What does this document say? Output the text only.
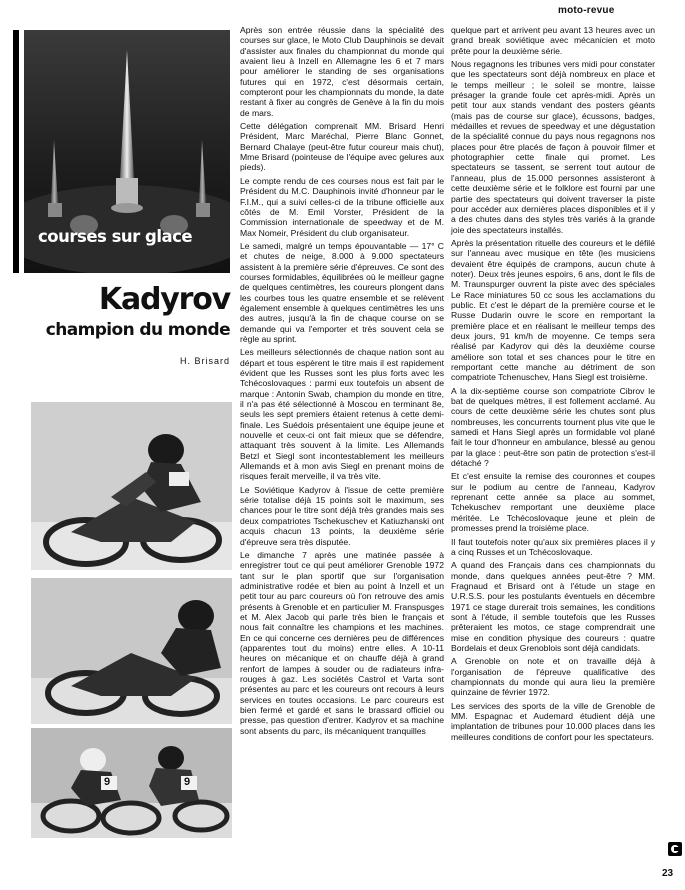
moto-revue
courses sur glace
Kadyrov
champion du monde
H. Brisard
9	9

Après son entrée réussie dans la spécialité des courses sur glace, le Moto Club Dauphinois se devait d'assister aux finales du championnat du monde qui avaient lieu à Inzell en Allemagne les 6 et 7 mars pour améliorer le standing de ses organisations futures qui en 1972, c'est désormais certain, compteront pour les championnats du monde, la date restant à fixer au congrès de Genève à la fin du mois de mars.

Cette délégation comprenait MM. Brisard Henri Président, Marc Maréchal, Pierre Blanc Gonnet, Bernard Chalaye (peut-être futur coureur mais chut), Mme Brisard (pointeuse de l'équipe avec gelures aux pieds).

Le compte rendu de ces courses nous est fait par le Président du M.C. Dauphinois invité d'honneur par le F.I.M., qui a suivi celles-ci de la tribune officielle aux côtés de M. Emil Vorster, Président de la Commission internationale de speedway et de M. Max Nomeir, Président du club organisateur.

Le samedi, malgré un temps épouvantable — 17° C et chutes de neige, 8.000 à 9.000 spectateurs assistent à la première série d'épreuves. Ce sont des courses formidables, équilibrées où le meilleur gagne de quelques centimètres, les coureurs plongent dans les courbes tous les quatre ensemble et se relèvent également ensemble à quelques centimètres les uns des autres, jusqu'à la fin de chaque course on se demande qui va l'emporter et très souvent cela se règle au sprint.

Les meilleurs sélectionnés de chaque nation sont au départ et tous espèrent le titre mais il est rapidement évident que les Russes sont les plus forts avec les Tchécoslovaques : parmi eux toutefois un absent de marque : Antonin Swab, champion du monde en titre, il n'a pas été sélectionné à Moscou en terminant 8e, seuls les sept premiers étaient retenus à cette demi-finale. Les Suédois présentaient une équipe jeune et nouvelle et ceux-ci ont fait mieux que se défendre, attaquant très souvent à la limite. Les Allemands Betzl et Siegl sont incontestablement les meilleurs Allemands et à mon avis Siegl en prenant moins de risques ferait merveille, il va très vite.

Le Soviétique Kadyrov à l'issue de cette première série totalise déjà 15 points soit le maximum, ses chances pour le titre sont déjà très grandes mais ses deux compatriotes Tschekuschev et Katiuzhanski ont acquis chacun 13 points, la deuxième série d'épreuve sera très disputée.

Le dimanche 7 après une matinée passée à enregistrer tout ce qui peut améliorer Grenoble 1972 tant sur le plan sportif que sur l'organisation administrative rodée et bien au point à Inzell et un petit tour au parc coureurs où l'on retrouve des amis présents à Grenoble et en particulier M. Franspusges et M. Alex Jacob qui parle très bien le français et nous fait connaître les champions et les machines. En ce qui concerne ces dernières peu de différences (apparentes tout du moins) entre elles. A 10-11 heures on mécanique et on chauffe déjà à grand renfort de lampes à souder ou de radiateurs infra-rouges à gaz. Les sociétés Castrol et Varta sont présentes au parc et les coureurs ont recours à leurs services en toutes occasions. Le parc coureurs est bien fermé et gardé et sans le brassard officiel ou presse, pas question d'entrer. Kadyrov et sa machine sont absents du parc, ils mécaniquent tranquilles

quelque part et arrivent peu avant 13 heures avec un grand break soviétique avec mécanicien et moto prête pour la deuxième série.

Nous regagnons les tribunes vers midi pour constater que les spectateurs sont déjà nombreux en place et le temps meilleur ; le soleil se montre, laisse présager la grande foule cet après-midi. Après un petit tour aux stands vendant des posters géants (mais pas de course sur glace), écussons, badges, médailles et revues de speedway et une dégustation de la spécialité connue du pays nous regagnons nos places pour être placés de façon à pouvoir filmer et photographier cette finale qui promet. Les spectateurs se tassent, se serrent tout autour de l'anneau, plus de 15.000 personnes assisteront à cette deuxième série et le folklore est fourni par une partie des spectateurs qui doivent traverser la piste pour accéder aux dernières places disponibles et il y a des chutes dans des styles très variés à la grande joie des spectateurs installés.

Après la présentation rituelle des coureurs et le défilé sur l'anneau avec musique en tête (les musiciens devaient être équipés de crampons, aucun chute à noter). Deux très jeunes espoirs, 6 ans, dont le fils de M. Traunspurger ouvrent la piste avec des spéciales Le Race miniatures 50 cc sous les acclamations du public. Et c'est le départ de la première course et le Russe Dudarin ouvre le score en remportant la première place et en réalisant le meilleur temps des deux jours, 91 km/h de moyenne. Ce temps sera réalisé par Kadyrov qui dès la deuxième course améliore son total et ses chances pour le titre en remportant cette manche au détriment de son compatriote Tchenuschev, Hans Siegl est troisième.

A la dix-septième course son compatriote Cibrov le bat de quelques mètres, il est follement acclamé. Au cours de cette deuxième série les chutes sont plus nombreuses, les concurrents tournent plus vite que le samedi et Hans Siegl après un formidable vol plané fait le tour d'honneur en ambulance, blessé au genou par la glace : peut-être son patin de protection s'est-il détaché ?

Et c'est ensuite la remise des couronnes et coupes sur le podium au centre de l'anneau, Kadyrov reprenant cette année sa place au sommet, Tchekuschev remportant une deuxième place méritée. Le Tchécoslovaque jeune et plein de promesses prend la troisième place.

Il faut toutefois noter qu'aux six premières places il y a cinq Russes et un Tchécoslovaque.

A quand des Français dans ces championnats du monde, dans quelques années peut-être ? MM. Fragnaud et Brisard ont à l'étude un stage en U.R.S.S. pour les postulants éventuels en décembre 1971 ce stage durerait trois semaines, les conditions sont à l'étude, il semble toutefois que les Russes prêteraient les motos, ce stage comprendrait une mise en condition physique des coureurs : quatre Bordelais et deux Grenoblois sont déjà candidats.

A Grenoble on note et on travaille déjà à l'organisation de l'épreuve qualificative des championnats du monde qui aura lieu la première quinzaine de février 1972.

Les services des sports de la ville de Grenoble de MM. Espagnac et Audemard étudient déjà une implantation de tribunes pour 10.000 places dans les meilleures conditions de confort pour les spectateurs.

23
